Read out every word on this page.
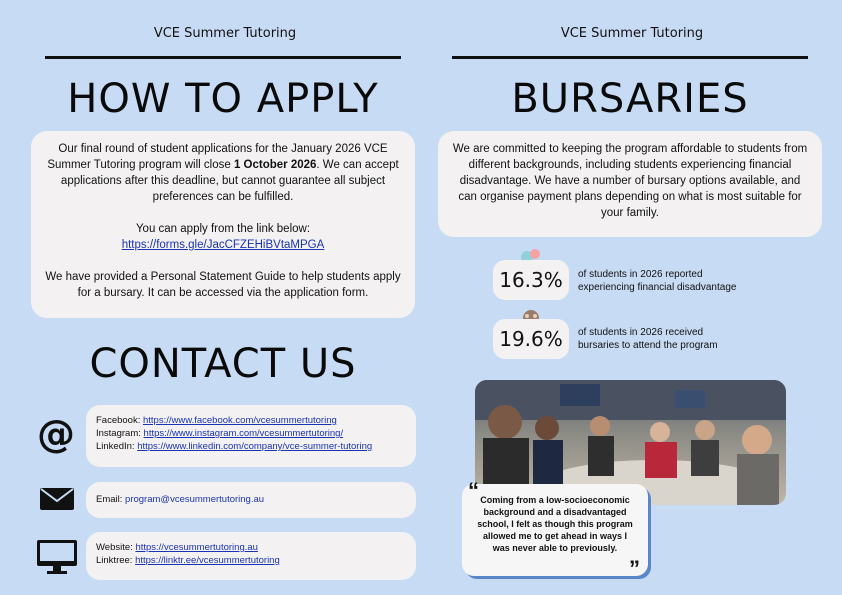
VCE Summer Tutoring
HOW TO APPLY

Our final round of student applications for the January 2026 VCE Summer Tutoring program will close 1 October 2026. We can accept applications after this deadline, but cannot guarantee all subject preferences can be fulfilled.

You can apply from the link below:

https://forms.gle/JacCFZEHiBVtaMPGA

We have provided a Personal Statement Guide to help students apply for a bursary. It can be accessed via the application form.

CONTACT US
@ Facebook: https://www.facebook.com/vcesummertutoring
Instagram: https://www.instagram.com/vcesummertutoring/
LinkedIn: https://www.linkedin.com/company/vce-summer-tutoring
Email: program@vcesummertutoring.au
Website: https://vcesummertutoring.au
Linktree: https://linktr.ee/vcesummertutoring
VCE Summer Tutoring
BURSARIES

We are committed to keeping the program affordable to students from different backgrounds, including students experiencing financial disadvantage. We have a number of bursary options available, and can organise payment plans depending on what is most suitable for your family.

16.3%	of students in 2026 reported
experiencing financial disadvantage
19.6%	of students in 2026 received
bursaries to attend the program
“ Coming from a low-socioeconomic background and a disadvantaged school, I felt as though this program allowed me to get ahead in ways I was never able to previously.

”
